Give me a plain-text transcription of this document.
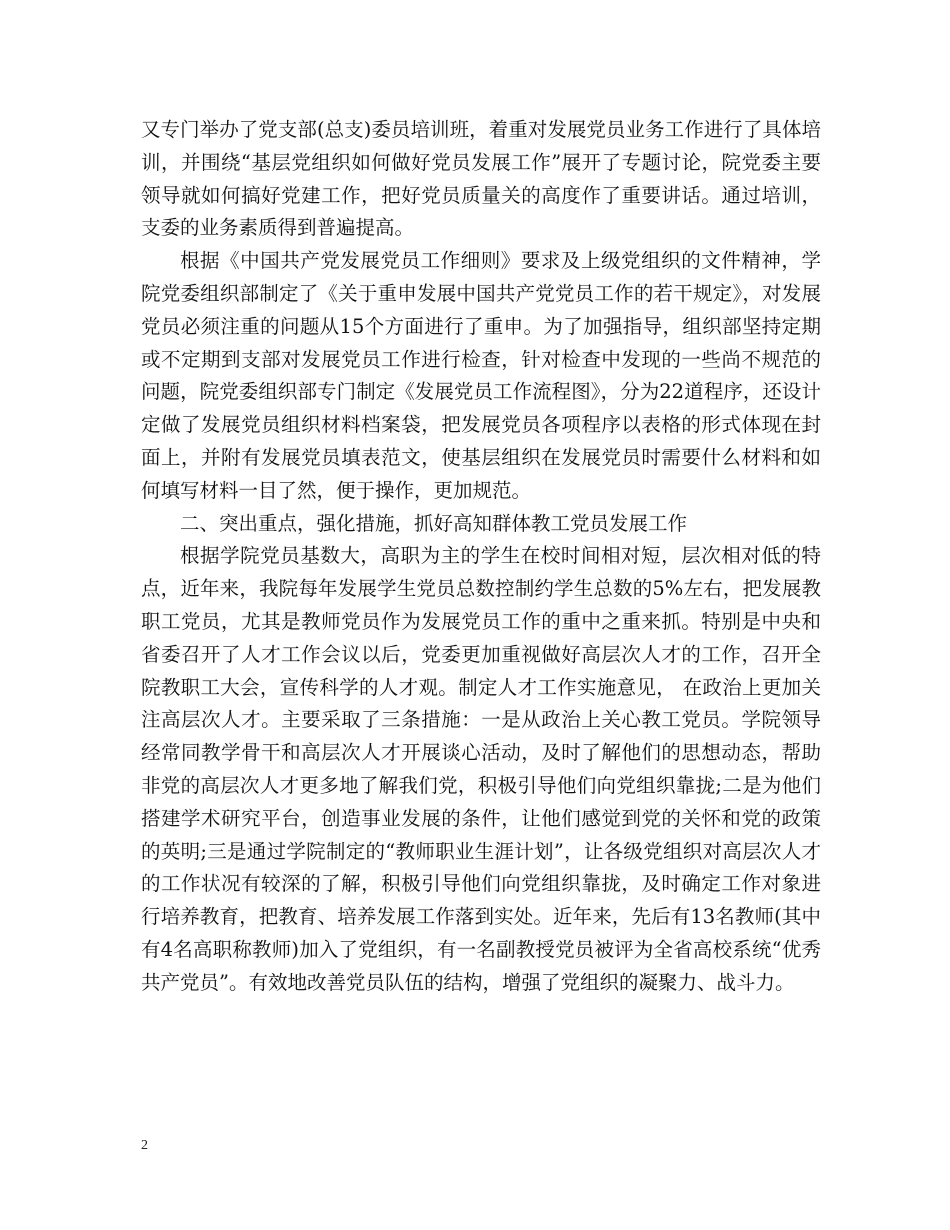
又专门举办了党支部(总支)委员培训班，着重对发展党员业务工作进行了具体培训，并围绕“基层党组织如何做好党员发展工作”展开了专题讨论，院党委主要领导就如何搞好党建工作，把好党员质量关的高度作了重要讲话。通过培训，支委的业务素质得到普遍提高。

根据《中国共产党发展党员工作细则》要求及上级党组织的文件精神，学院党委组织部制定了《关于重申发展中国共产党党员工作的若干规定》，对发展党员必须注重的问题从15个方面进行了重申。为了加强指导，组织部坚持定期或不定期到支部对发展党员工作进行检查，针对检查中发现的一些尚不规范的问题，院党委组织部专门制定《发展党员工作流程图》，分为22道程序，还设计定做了发展党员组织材料档案袋，把发展党员各项程序以表格的形式体现在封面上，并附有发展党员填表范文，使基层组织在发展党员时需要什么材料和如何填写材料一目了然，便于操作，更加规范。

二、突出重点，强化措施，抓好高知群体教工党员发展工作

根据学院党员基数大，高职为主的学生在校时间相对短，层次相对低的特点，近年来，我院每年发展学生党员总数控制约学生总数的5%左右，把发展教职工党员，尤其是教师党员作为发展党员工作的重中之重来抓。特别是中央和省委召开了人才工作会议以后，党委更加重视做好高层次人才的工作，召开全院教职工大会，宣传科学的人才观。制定人才工作实施意见， 在政治上更加关注高层次人才。主要采取了三条措施：一是从政治上关心教工党员。学院领导经常同教学骨干和高层次人才开展谈心活动，及时了解他们的思想动态，帮助非党的高层次人才更多地了解我们党，积极引导他们向党组织靠拢;二是为他们搭建学术研究平台，创造事业发展的条件，让他们感觉到党的关怀和党的政策的英明;三是通过学院制定的“教师职业生涯计划”，让各级党组织对高层次人才的工作状况有较深的了解，积极引导他们向党组织靠拢，及时确定工作对象进行培养教育，把教育、培养发展工作落到实处。近年来，先后有13名教师(其中有4名高职称教师)加入了党组织，有一名副教授党员被评为全省高校系统“优秀共产党员”。有效地改善党员队伍的结构，增强了党组织的凝聚力、战斗力。

2
